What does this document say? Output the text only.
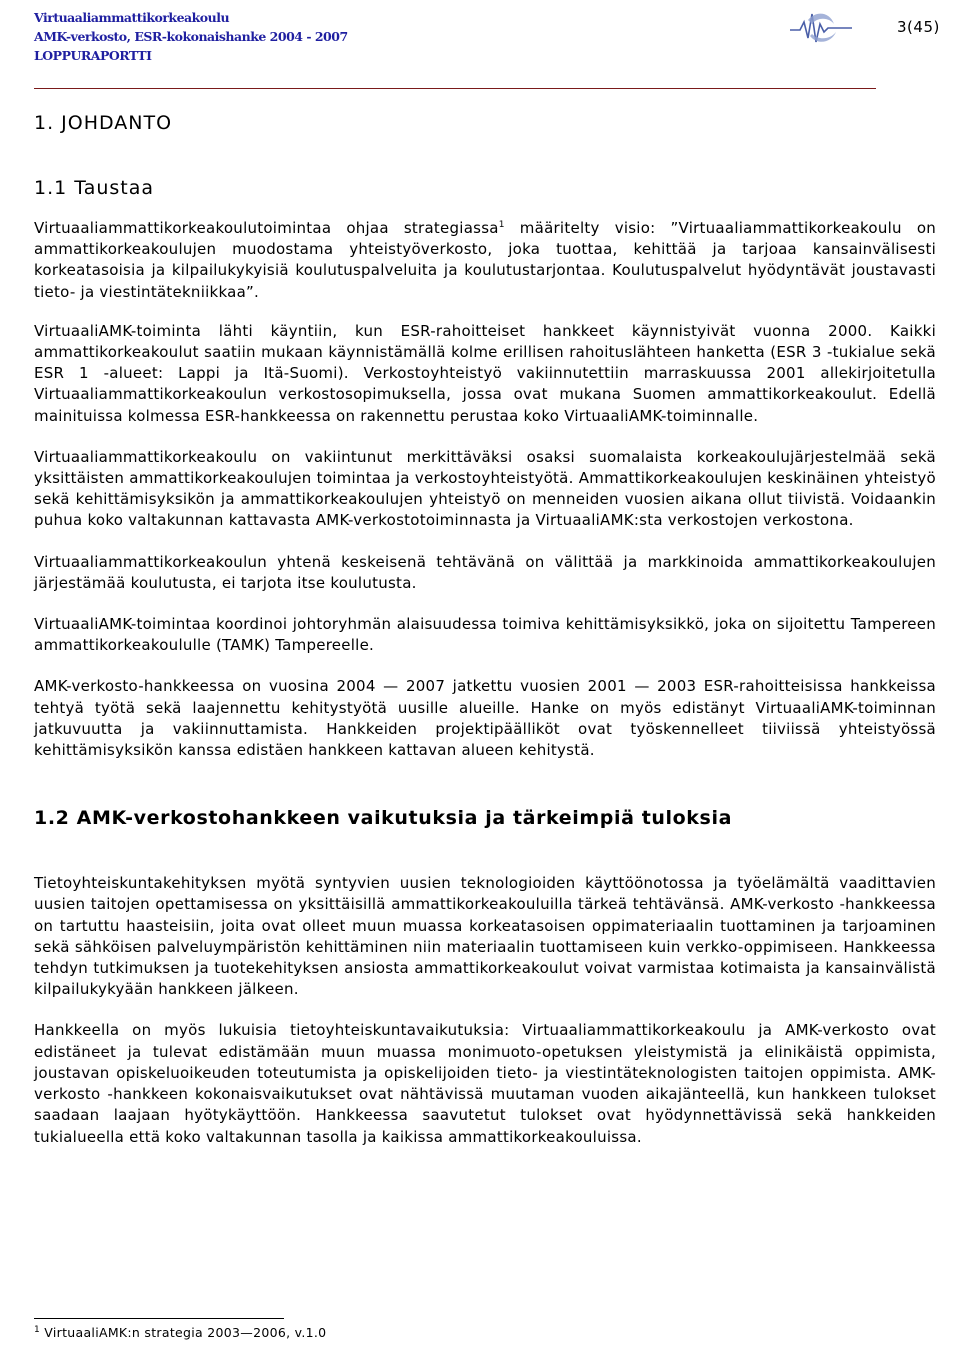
Virtuaaliammattikorkeakoulu
AMK-verkosto, ESR-kokonaishanke 2004 - 2007
LOPPURAPORTTI
3(45)
1. JOHDANTO
1.1 Taustaa

Virtuaaliammattikorkeakoulutoimintaa ohjaa strategiassa$^1$ määritelty visio: ”Virtuaaliammattikorkeakoulu on ammattikorkeakoulujen muodostama yhteistyöverkosto, joka tuottaa, kehittää ja tarjoaa kansainvälisesti korkeatasoisia ja kilpailukykyisiä koulutuspalveluita ja koulutustarjontaa. Koulutuspalvelut hyödyntävät joustavasti tieto- ja viestintätekniikkaa”.

VirtuaaliAMK-toiminta lähti käyntiin, kun ESR-rahoitteiset hankkeet käynnistyivät vuonna 2000. Kaikki ammattikorkeakoulut saatiin mukaan käynnistämällä kolme erillisen rahoituslähteen hanketta (ESR 3 -tukialue sekä ESR 1 -alueet: Lappi ja Itä-Suomi). Verkostoyhteistyö vakiinnutettiin marraskuussa 2001 allekirjoitetulla Virtuaaliammattikorkeakoulun verkostosopimuksella, jossa ovat mukana Suomen ammattikorkeakoulut. Edellä mainituissa kolmessa ESR-hankkeessa on rakennettu perustaa koko VirtuaaliAMK-toiminnalle.

Virtuaaliammattikorkeakoulu on vakiintunut merkittäväksi osaksi suomalaista korkeakoulujärjestelmää sekä yksittäisten ammattikorkeakoulujen toimintaa ja verkostoyhteistyötä. Ammattikorkeakoulujen keskinäinen yhteistyö sekä kehittämisyksikön ja ammattikorkeakoulujen yhteistyö on menneiden vuosien aikana ollut tiivistä. Voidaankin puhua koko valtakunnan kattavasta AMK-verkostotoiminnasta ja VirtuaaliAMK:sta verkostojen verkostona.

Virtuaaliammattikorkeakoulun yhtenä keskeisenä tehtävänä on välittää ja markkinoida ammattikorkeakoulujen järjestämää koulutusta, ei tarjota itse koulutusta.

VirtuaaliAMK-toimintaa koordinoi johtoryhmän alaisuudessa toimiva kehittämisyksikkö, joka on sijoitettu Tampereen ammattikorkeakoululle (TAMK) Tampereelle.

AMK-verkosto-hankkeessa on vuosina 2004 — 2007 jatkettu vuosien 2001 — 2003 ESR-rahoitteisissa hankkeissa tehtyä työtä sekä laajennettu kehitystyötä uusille alueille. Hanke on myös edistänyt VirtuaaliAMK-toiminnan jatkuvuutta ja vakiinnuttamista. Hankkeiden projektipäälliköt ovat työskennelleet tiiviissä yhteistyössä kehittämisyksikön kanssa edistäen hankkeen kattavan alueen kehitystä.

1.2 AMK-verkostohankkeen vaikutuksia ja tärkeimpiä tuloksia

Tietoyhteiskuntakehityksen myötä syntyvien uusien teknologioiden käyttöönotossa ja työelämältä vaadittavien uusien taitojen opettamisessa on yksittäisillä ammattikorkeakouluilla tärkeä tehtävänsä. AMK-verkosto -hankkeessa on tartuttu haasteisiin, joita ovat olleet muun muassa korkeatasoisen oppimateriaalin tuottaminen ja tarjoaminen sekä sähköisen palveluympäristön kehittäminen niin materiaalin tuottamiseen kuin verkko-oppimiseen. Hankkeessa tehdyn tutkimuksen ja tuotekehityksen ansiosta ammattikorkeakoulut voivat varmistaa kotimaista ja kansainvälistä kilpailukykyään hankkeen jälkeen.

Hankkeella on myös lukuisia tietoyhteiskuntavaikutuksia: Virtuaaliammattikorkeakoulu ja AMK-verkosto ovat edistäneet ja tulevat edistämään muun muassa monimuoto-opetuksen yleistymistä ja elinikäistä oppimista, joustavan opiskeluoikeuden toteutumista ja opiskelijoiden tieto- ja viestintäteknologisten taitojen oppimista. AMK-verkosto -hankkeen kokonaisvaikutukset ovat nähtävissä muutaman vuoden aikajänteellä, kun hankkeen tulokset saadaan laajaan hyötykäyttöön. Hankkeessa saavutetut tulokset ovat hyödynnettävissä sekä hankkeiden tukialueella että koko valtakunnan tasolla ja kaikissa ammattikorkeakouluissa.

$^1$ VirtuaaliAMK:n strategia 2003—2006, v.1.0
